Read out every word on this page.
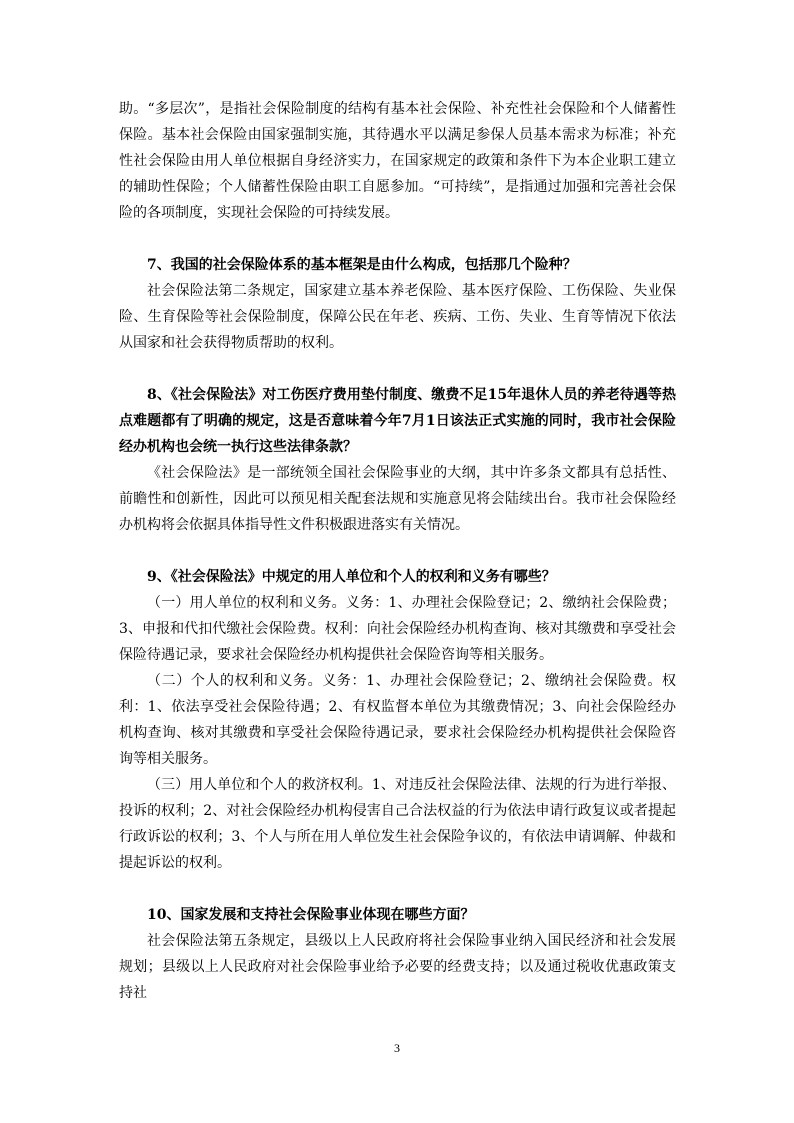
助。“多层次”，是指社会保险制度的结构有基本社会保险、补充性社会保险和个人储蓄性保险。基本社会保险由国家强制实施，其待遇水平以满足参保人员基本需求为标准；补充性社会保险由用人单位根据自身经济实力，在国家规定的政策和条件下为本企业职工建立的辅助性保险；个人储蓄性保险由职工自愿参加。“可持续”，是指通过加强和完善社会保险的各项制度，实现社会保险的可持续发展。

7、我国的社会保险体系的基本框架是由什么构成，包括那几个险种？

社会保险法第二条规定，国家建立基本养老保险、基本医疗保险、工伤保险、失业保险、生育保险等社会保险制度，保障公民在年老、疾病、工伤、失业、生育等情况下依法从国家和社会获得物质帮助的权利。

8、《社会保险法》对工伤医疗费用垫付制度、缴费不足15年退休人员的养老待遇等热点难题都有了明确的规定，这是否意味着今年7月1日该法正式实施的同时，我市社会保险经办机构也会统一执行这些法律条款？

《社会保险法》是一部统领全国社会保险事业的大纲，其中许多条文都具有总括性、前瞻性和创新性，因此可以预见相关配套法规和实施意见将会陆续出台。我市社会保险经办机构将会依据具体指导性文件积极跟进落实有关情况。

9、《社会保险法》中规定的用人单位和个人的权利和义务有哪些？

（一）用人单位的权利和义务。义务：1、办理社会保险登记；2、缴纳社会保险费；3、申报和代扣代缴社会保险费。权利：向社会保险经办机构查询、核对其缴费和享受社会保险待遇记录，要求社会保险经办机构提供社会保险咨询等相关服务。

（二）个人的权利和义务。义务：1、办理社会保险登记；2、缴纳社会保险费。权利：1、依法享受社会保险待遇；2、有权监督本单位为其缴费情况；3、向社会保险经办机构查询、核对其缴费和享受社会保险待遇记录，要求社会保险经办机构提供社会保险咨询等相关服务。

（三）用人单位和个人的救济权利。1、对违反社会保险法律、法规的行为进行举报、投诉的权利；2、对社会保险经办机构侵害自己合法权益的行为依法申请行政复议或者提起行政诉讼的权利；3、个人与所在用人单位发生社会保险争议的，有依法申请调解、仲裁和提起诉讼的权利。

10、国家发展和支持社会保险事业体现在哪些方面？

社会保险法第五条规定，县级以上人民政府将社会保险事业纳入国民经济和社会发展规划；县级以上人民政府对社会保险事业给予必要的经费支持；以及通过税收优惠政策支持社

3
